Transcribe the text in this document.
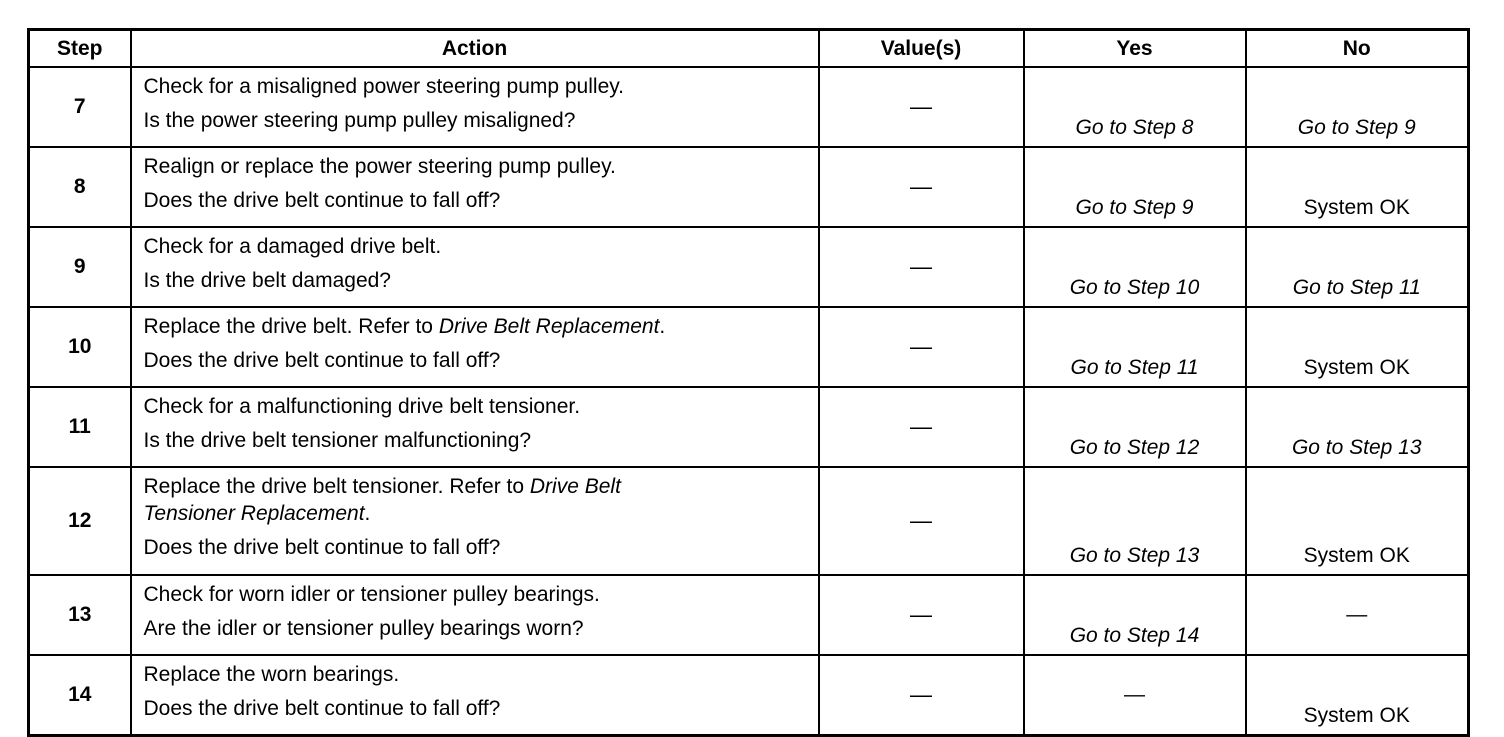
Step	Action	Value(s)	Yes	No
7	Check for a misaligned power steering pump pulley.
Is the power steering pump pulley misaligned?	—	Go to Step 8	Go to Step 9
8	Realign or replace the power steering pump pulley.
Does the drive belt continue to fall off?	—	Go to Step 9	System OK
9	Check for a damaged drive belt.
Is the drive belt damaged?	—	Go to Step 10	Go to Step 11
10	Replace the drive belt. Refer to Drive Belt Replacement.
Does the drive belt continue to fall off?	—	Go to Step 11	System OK
11	Check for a malfunctioning drive belt tensioner.
Is the drive belt tensioner malfunctioning?	—	Go to Step 12	Go to Step 13
12	Replace the drive belt tensioner. Refer to Drive Belt
Tensioner Replacement.
Does the drive belt continue to fall off?	—	Go to Step 13	System OK
13	Check for worn idler or tensioner pulley bearings.
Are the idler or tensioner pulley bearings worn?	—	Go to Step 14	—
14	Replace the worn bearings.
Does the drive belt continue to fall off?	—	—	System OK
